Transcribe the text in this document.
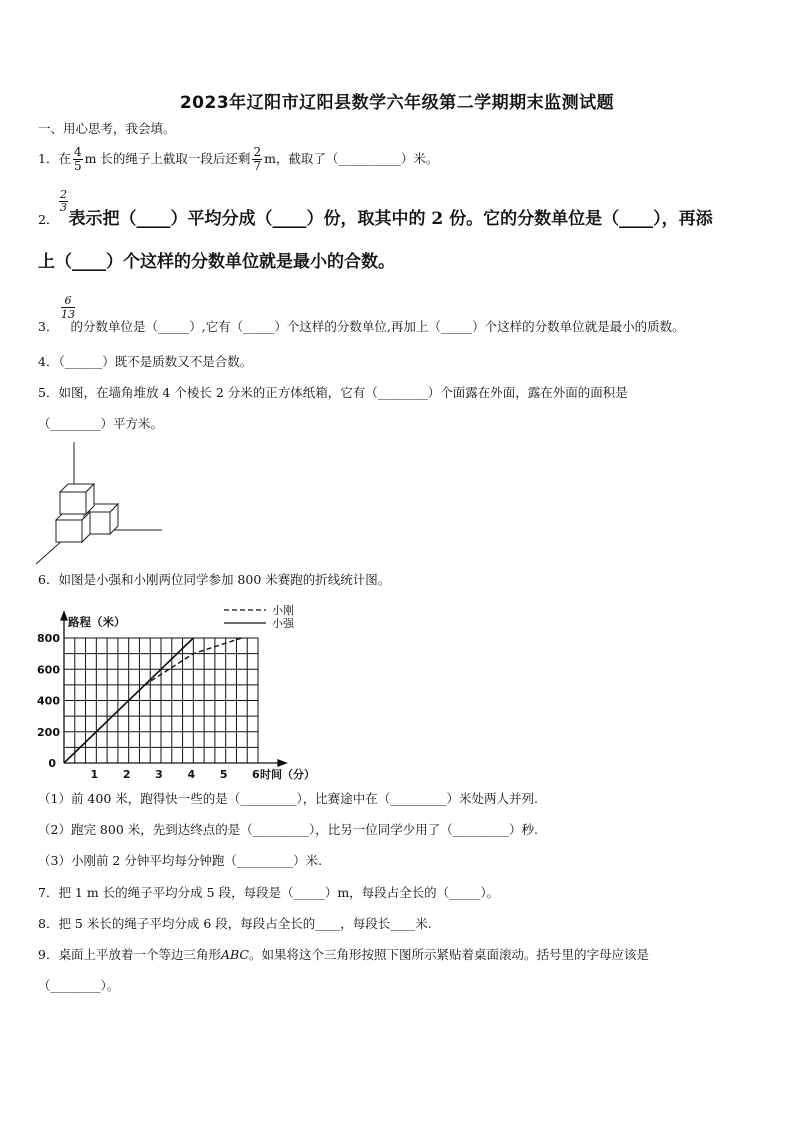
2023年辽阳市辽阳县数学六年级第二学期期末监测试题
一、用心思考，我会填。
1．在 $\frac{4}{5}$ m 长的绳子上截取一段后还剩 $\frac{2}{7}$ m，截取了（__________）米。
$\frac{2}{3}$
2． 表示把（____）平均分成（____）份，取其中的 2 份。它的分数单位是（____），再添
上（____）个这样的分数单位就是最小的合数。
$\frac{6}{13}$
3． 的分数单位是（_____）,它有（_____）个这样的分数单位,再加上（_____）个这样的分数单位就是最小的质数。
4．（______）既不是质数又不是合数。
5．如图，在墙角堆放 4 个棱长 2 分米的正方体纸箱，它有（________）个面露在外面，露在外面的面积是
（________）平方米。
6．如图是小强和小刚两位同学参加 800 米赛跑的折线统计图。
0
200
400
600
800
1 2 3 4 5 6 时间（分）
路程（米）
小刚
小强
（1）前 400 米，跑得快一些的是（_________），比赛途中在（_________）米处两人并列.
（2）跑完 800 米，先到达终点的是（_________），比另一位同学少用了（_________）秒.
（3）小刚前 2 分钟平均每分钟跑（_________）米.
7．把 1 m 长的绳子平均分成 5 段，每段是（_____）m，每段占全长的（_____）。
8．把 5 米长的绳子平均分成 6 段，每段占全长的____，每段长____米.
9．桌面上平放着一个等边三角形ABC。如果将这个三角形按照下图所示紧贴着桌面滚动。括号里的字母应该是
（________）。
